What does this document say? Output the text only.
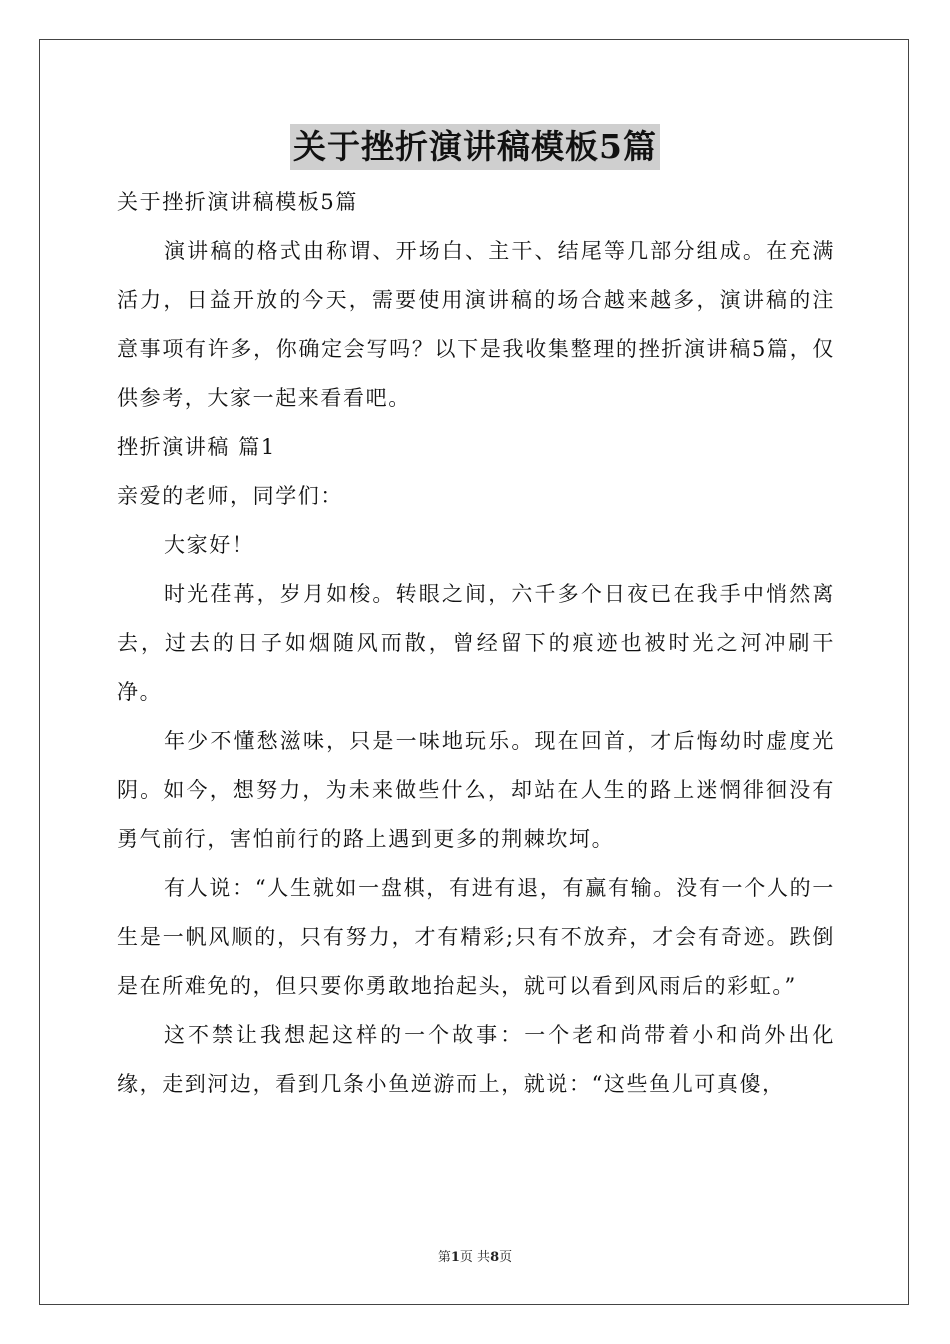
关于挫折演讲稿模板5篇

关于挫折演讲稿模板5篇

演讲稿的格式由称谓、开场白、主干、结尾等几部分组成。在充满活力，日益开放的今天，需要使用演讲稿的场合越来越多，演讲稿的注意事项有许多，你确定会写吗？以下是我收集整理的挫折演讲稿5篇，仅供参考，大家一起来看看吧。

挫折演讲稿 篇1

亲爱的老师，同学们：

大家好！

时光荏苒，岁月如梭。转眼之间，六千多个日夜已在我手中悄然离去，过去的日子如烟随风而散，曾经留下的痕迹也被时光之河冲刷干净。

年少不懂愁滋味，只是一味地玩乐。现在回首，才后悔幼时虚度光阴。如今，想努力，为未来做些什么，却站在人生的路上迷惘徘徊没有勇气前行，害怕前行的路上遇到更多的荆棘坎坷。

有人说：“人生就如一盘棋，有进有退，有赢有输。没有一个人的一生是一帆风顺的，只有努力，才有精彩;只有不放弃，才会有奇迹。跌倒是在所难免的，但只要你勇敢地抬起头，就可以看到风雨后的彩虹。”

这不禁让我想起这样的一个故事：一个老和尚带着小和尚外出化缘，走到河边，看到几条小鱼逆游而上，就说：“这些鱼儿可真傻，

第1页 共8页
